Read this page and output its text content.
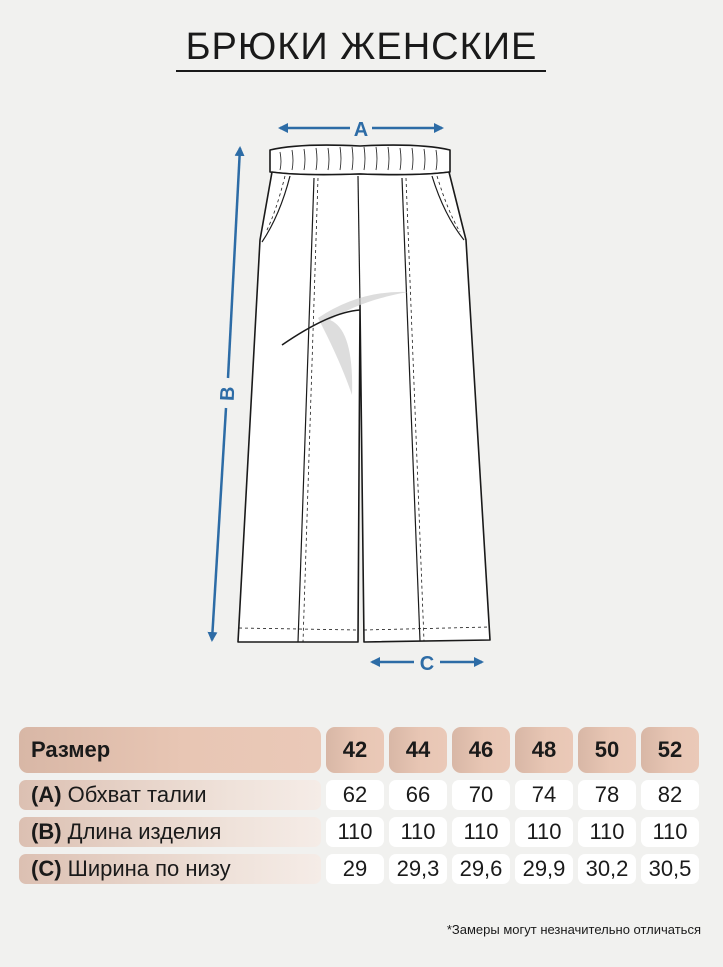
БРЮКИ ЖЕНСКИЕ
A
B
C
Размер	42	44	46	48	50	52
(A) Обхват талии	62	66	70	74	78	82
(B) Длина изделия	110	110	110	110	110	110
(C) Ширина по низу	29	29,3	29,6	29,9	30,2	30,5
*Замеры могут незначительно отличаться
